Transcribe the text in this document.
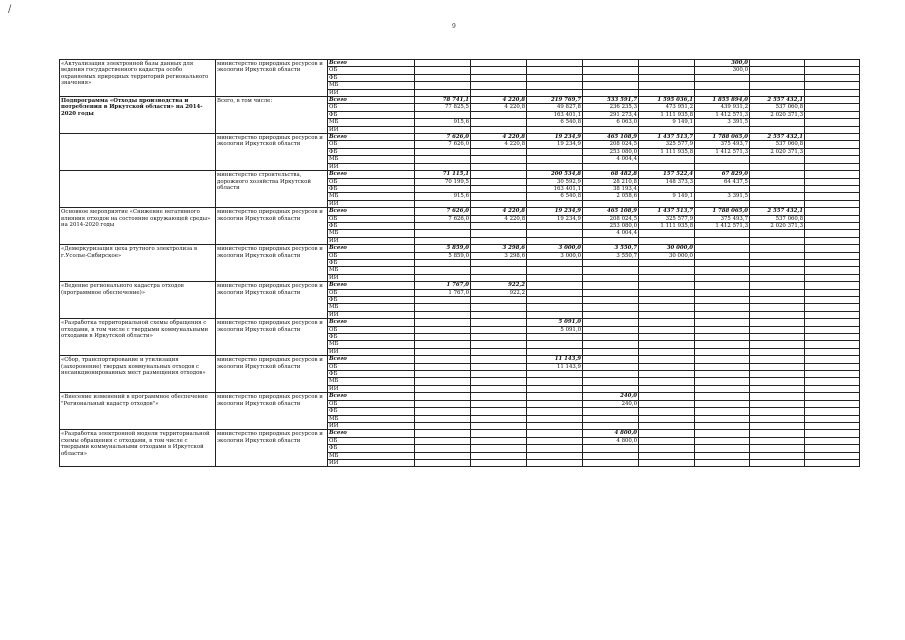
/
9
«Актуализация электронной базы данных для ведения государственного кадастра особо охраняемых природных территорий регионального значения»	министерство природных ресурсов и экологии Иркутской области	Всего						300,0		
		ОБ						300,0		
		ФБ								
		МБ								
		ИИ								
Подпрограмма «Отходы производства и потребления в Иркутской области» на 2014-2020 годы	Всего, в том числе:	Всего	78 741,1	4 220,8	219 769,7	533 591,7	1 595 036,1	1 855 894,0	2 557 432,1	
		ОБ	77 825,5	4 220,8	49 827,8	236 235,3	473 951,2	439 931,2	537 060,8	
		ФБ			163 401,1	291 273,4	1 111 935,8	1 412 571,3	2 020 371,3	
		МБ	915,6		6 540,8	6 063,0	9 149,1	3 391,5		
		ИИ								
	министерство природных ресурсов и экологии Иркутской области	Всего	7 626,0	4 220,8	19 234,9	465 108,9	1 437 513,7	1 788 065,0	2 557 432,1	
		ОБ	7 626,0	4 220,8	19 234,9	208 024,5	325 577,9	375 493,7	537 060,8	
		ФБ				253 080,0	1 111 935,8	1 412 571,3	2 020 371,3	
		МБ				4 004,4				
		ИИ								
	министерство строительства, дорожного хозяйства Иркутской области	Всего	71 115,1		200 534,8	68 482,8	157 522,4	67 829,0		
		ОБ	70 199,5		30 592,9	28 210,8	148 373,3	64 437,5		
		ФБ			163 401,1	38 193,4				
		МБ	915,6		6 540,8	2 058,6	9 149,1	3 391,5		
		ИИ								
Основное мероприятие «Снижение негативного влияния отходов на состояние окружающей среды» на 2014-2020 годы	министерство природных ресурсов и экологии Иркутской области	Всего	7 626,0	4 220,8	19 234,9	465 108,9	1 437 513,7	1 788 065,0	2 557 432,1	
		ОБ	7 626,0	4 220,8	19 234,9	208 024,5	325 577,9	375 493,7	537 060,8	
		ФБ				253 080,0	1 111 935,8	1 412 571,3	2 020 371,3	
		МБ				4 004,4				
		ИИ								
«Демеркуризация цеха ртутного электролиза в г.Усолье-Сибирское»	министерство природных ресурсов и экологии Иркутской области	Всего	5 859,0	3 298,6	3 000,0	3 550,7	30 000,0			
		ОБ	5 859,0	3 298,6	3 000,0	3 550,7	30 000,0			
		ФБ								
		МБ								
		ИИ								
«Ведение регионального кадастра отходов (программное обеспечение)»	министерство природных ресурсов и экологии Иркутской области	Всего	1 767,0	922,2						
		ОБ	1 767,0	922,2						
		ФБ								
		МБ								
		ИИ								
«Разработка территориальной схемы обращения с отходами, в том числе с твердыми коммунальными отходами в Иркутской области»	министерство природных ресурсов и экологии Иркутской области	Всего			5 091,0					
		ОБ			5 091,0					
		ФБ								
		МБ								
		ИИ								
«Сбор, транспортирование и утилизация (захоронение) твердых коммунальных отходов с несанкционированных мест размещения отходов»	министерство природных ресурсов и экологии Иркутской области	Всего			11 143,9					
		ОБ			11 143,9					
		ФБ								
		МБ								
		ИИ								
«Внесение изменений в программное обеспечение "Региональный кадастр отходов"»	министерство природных ресурсов и экологии Иркутской области	Всего				240,0				
		ОБ				240,0				
		ФБ								
		МБ								
		ИИ								
«Разработка электронной модели территориальной схемы обращения с отходами, в том числе с твердыми коммунальными отходами в Иркутской области»	министерство природных ресурсов и экологии Иркутской области	Всего				4 800,0				
		ОБ				4 800,0				
		ФБ								
		МБ								
		ИИ								
